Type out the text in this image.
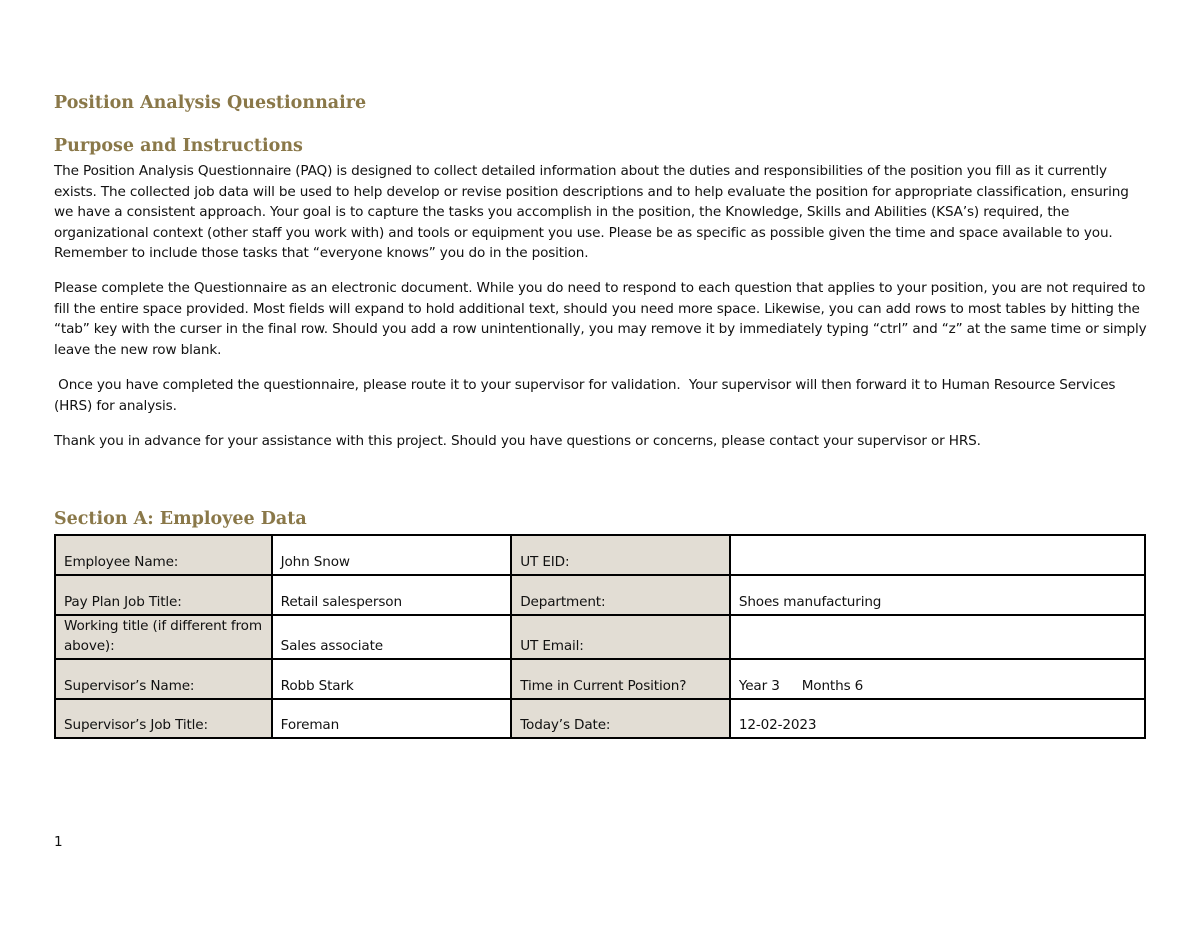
Position Analysis Questionnaire
Purpose and Instructions

The Position Analysis Questionnaire (PAQ) is designed to collect detailed information about the duties and responsibilities of the position you fill as it currently exists. The collected job data will be used to help develop or revise position descriptions and to help evaluate the position for appropriate classification, ensuring we have a consistent approach. Your goal is to capture the tasks you accomplish in the position, the Knowledge, Skills and Abilities (KSA’s) required, the organizational context (other staff you work with) and tools or equipment you use. Please be as specific as possible given the time and space available to you. Remember to include those tasks that “everyone knows” you do in the position.

Please complete the Questionnaire as an electronic document. While you do need to respond to each question that applies to your position, you are not required to fill the entire space provided. Most fields will expand to hold additional text, should you need more space. Likewise, you can add rows to most tables by hitting the “tab” key with the curser in the final row. Should you add a row unintentionally, you may remove it by immediately typing “ctrl” and “z” at the same time or simply leave the new row blank.

Once you have completed the questionnaire, please route it to your supervisor for validation.  Your supervisor will then forward it to Human Resource Services (HRS) for analysis.

Thank you in advance for your assistance with this project. Should you have questions or concerns, please contact your supervisor or HRS.

Section A: Employee Data
Employee Name:	John Snow	UT EID:	
Pay Plan Job Title:	Retail salesperson	Department:	Shoes manufacturing
Working title (if different from above):	Sales associate	UT Email:	
Supervisor’s Name:	Robb Stark	Time in Current Position?	Year 3 Months 6
Supervisor’s Job Title:	Foreman	Today’s Date:	12-02-2023
1
